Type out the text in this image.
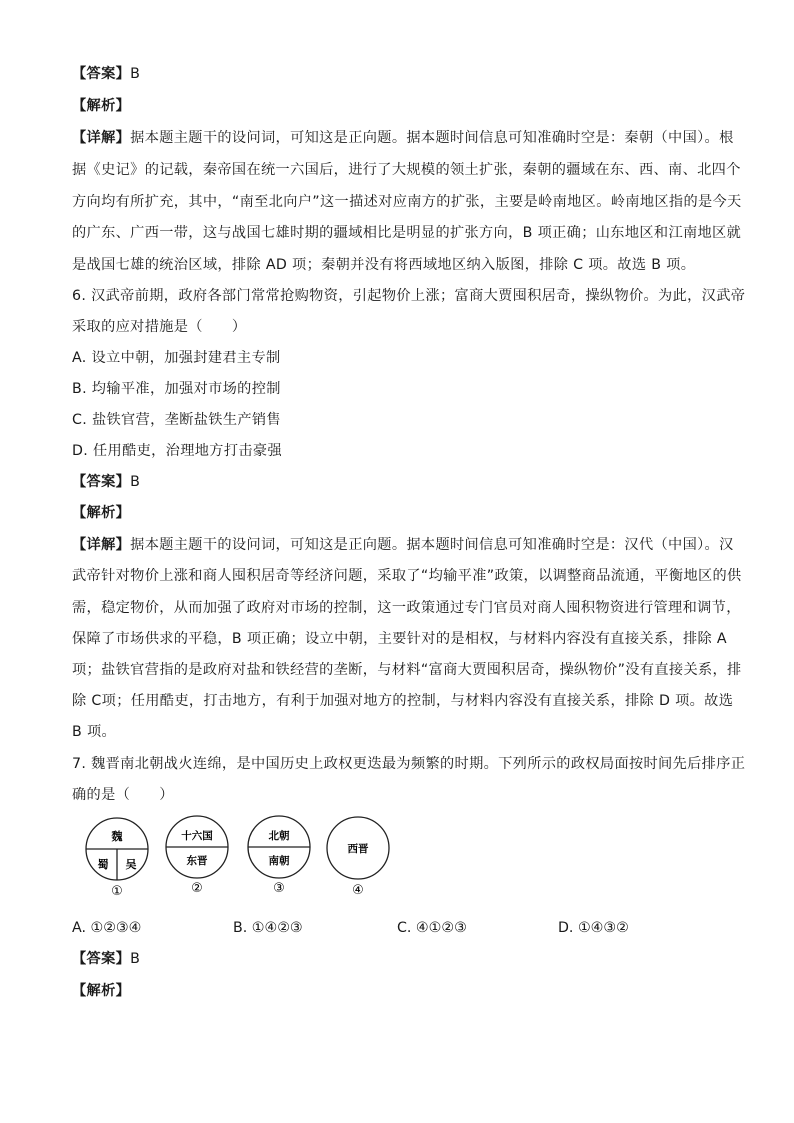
【答案】B
【解析】
【详解】据本题主题干的设问词，可知这是正向题。据本题时间信息可知准确时空是：秦朝（中国）。根
据《史记》的记载，秦帝国在统一六国后，进行了大规模的领土扩张，秦朝的疆域在东、西、南、北四个
方向均有所扩充，其中，“南至北向户”这一描述对应南方的扩张，主要是岭南地区。岭南地区指的是今天
的广东、广西一带，这与战国七雄时期的疆域相比是明显的扩张方向，B 项正确；山东地区和江南地区就
是战国七雄的统治区域，排除 AD 项；秦朝并没有将西域地区纳入版图，排除 C 项。故选 B 项。
6. 汉武帝前期，政府各部门常常抢购物资，引起物价上涨；富商大贾囤积居奇，操纵物价。为此，汉武帝
采取的应对措施是（　　）
A. 设立中朝，加强封建君主专制
B. 均输平准，加强对市场的控制
C. 盐铁官营，垄断盐铁生产销售
D. 任用酷吏，治理地方打击豪强
【答案】B
【解析】
【详解】据本题主题干的设问词，可知这是正向题。据本题时间信息可知准确时空是：汉代（中国）。汉
武帝针对物价上涨和商人囤积居奇等经济问题，采取了“均输平准”政策，以调整商品流通，平衡地区的供
需，稳定物价，从而加强了政府对市场的控制，这一政策通过专门官员对商人囤积物资进行管理和调节，
保障了市场供求的平稳，B 项正确；设立中朝，主要针对的是相权，与材料内容没有直接关系，排除 A
项；盐铁官营指的是政府对盐和铁经营的垄断，与材料“富商大贾囤积居奇，操纵物价”没有直接关系，排
除 C项；任用酷吏，打击地方，有利于加强对地方的控制，与材料内容没有直接关系，排除 D 项。故选
B 项。
7. 魏晋南北朝战火连绵，是中国历史上政权更迭最为频繁的时期。下列所示的政权局面按时间先后排序正
确的是（　　）
魏
蜀 吴
①
十六国
东晋
②
北朝
南朝
③
西晋
④
A. ①②③④	B. ①④②③	C. ④①②③	D. ①④③②
【答案】B
【解析】
